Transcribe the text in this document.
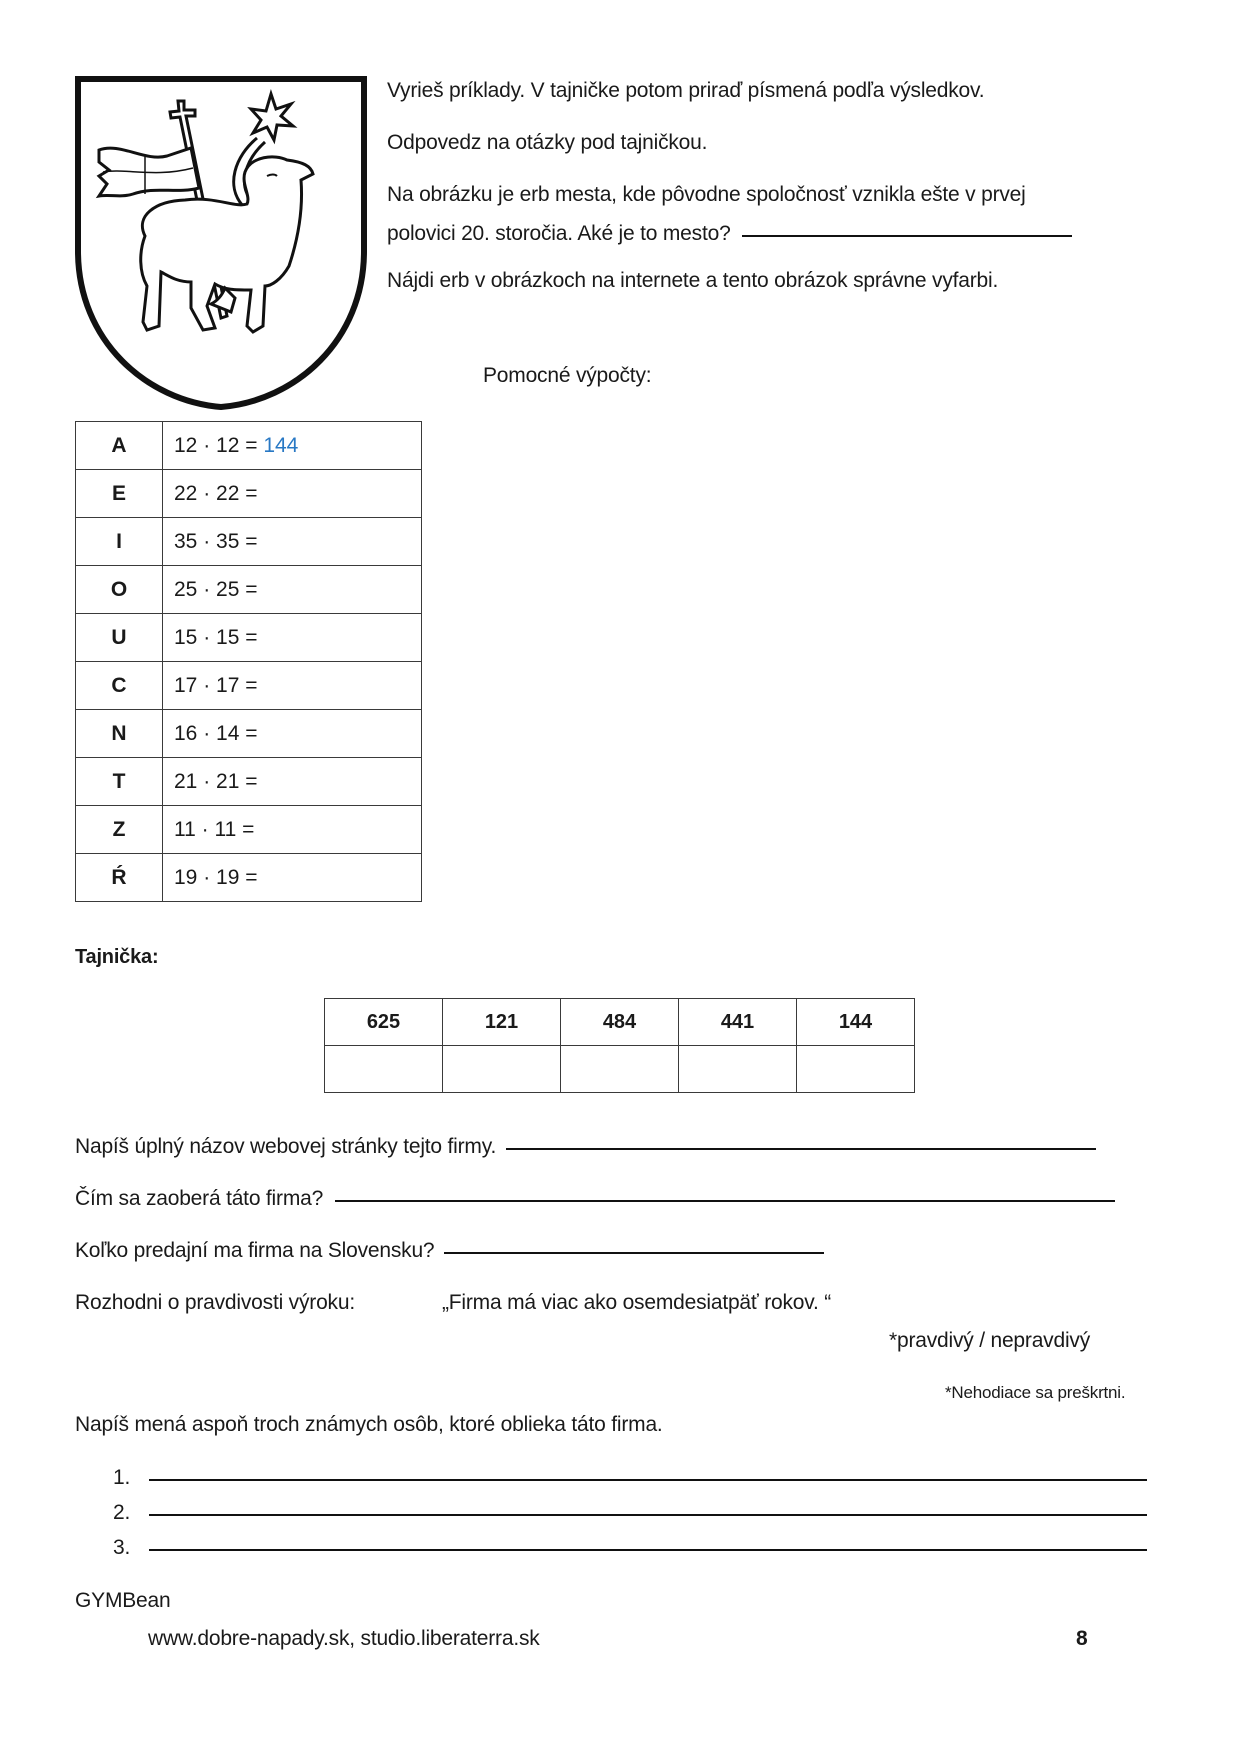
Vyrieš príklady. V tajničke potom priraď písmená podľa výsledkov.
Odpovedz na otázky pod tajničkou.
Na obrázku je erb mesta, kde pôvodne spoločnosť vznikla ešte v prvej
polovici 20. storočia. Aké je to mesto?
Nájdi erb v obrázkoch na internete a tento obrázok správne vyfarbi.
Pomocné výpočty:
A	12 · 12 = 144
E	22 · 22 =
I	35 · 35 =
O	25 · 25 =
U	15 · 15 =
C	17 · 17 =
N	16 · 14 =
T	21 · 21 =
Z	11 · 11 =
Ŕ	19 · 19 =
Tajnička:
625	121	484	441	144

Napíš úplný názov webovej stránky tejto firmy.
Čím sa zaoberá táto firma?
Koľko predajní ma firma na Slovensku?
Rozhodni o pravdivosti výroku:	„Firma má viac ako osemdesiatpäť rokov. “
*pravdivý / nepravdivý
*Nehodiace sa preškrtni.
Napíš mená aspoň troch známych osôb, ktoré oblieka táto firma.
1.
2.
3.
GYMBean
www.dobre-napady.sk, studio.liberaterra.sk	8
